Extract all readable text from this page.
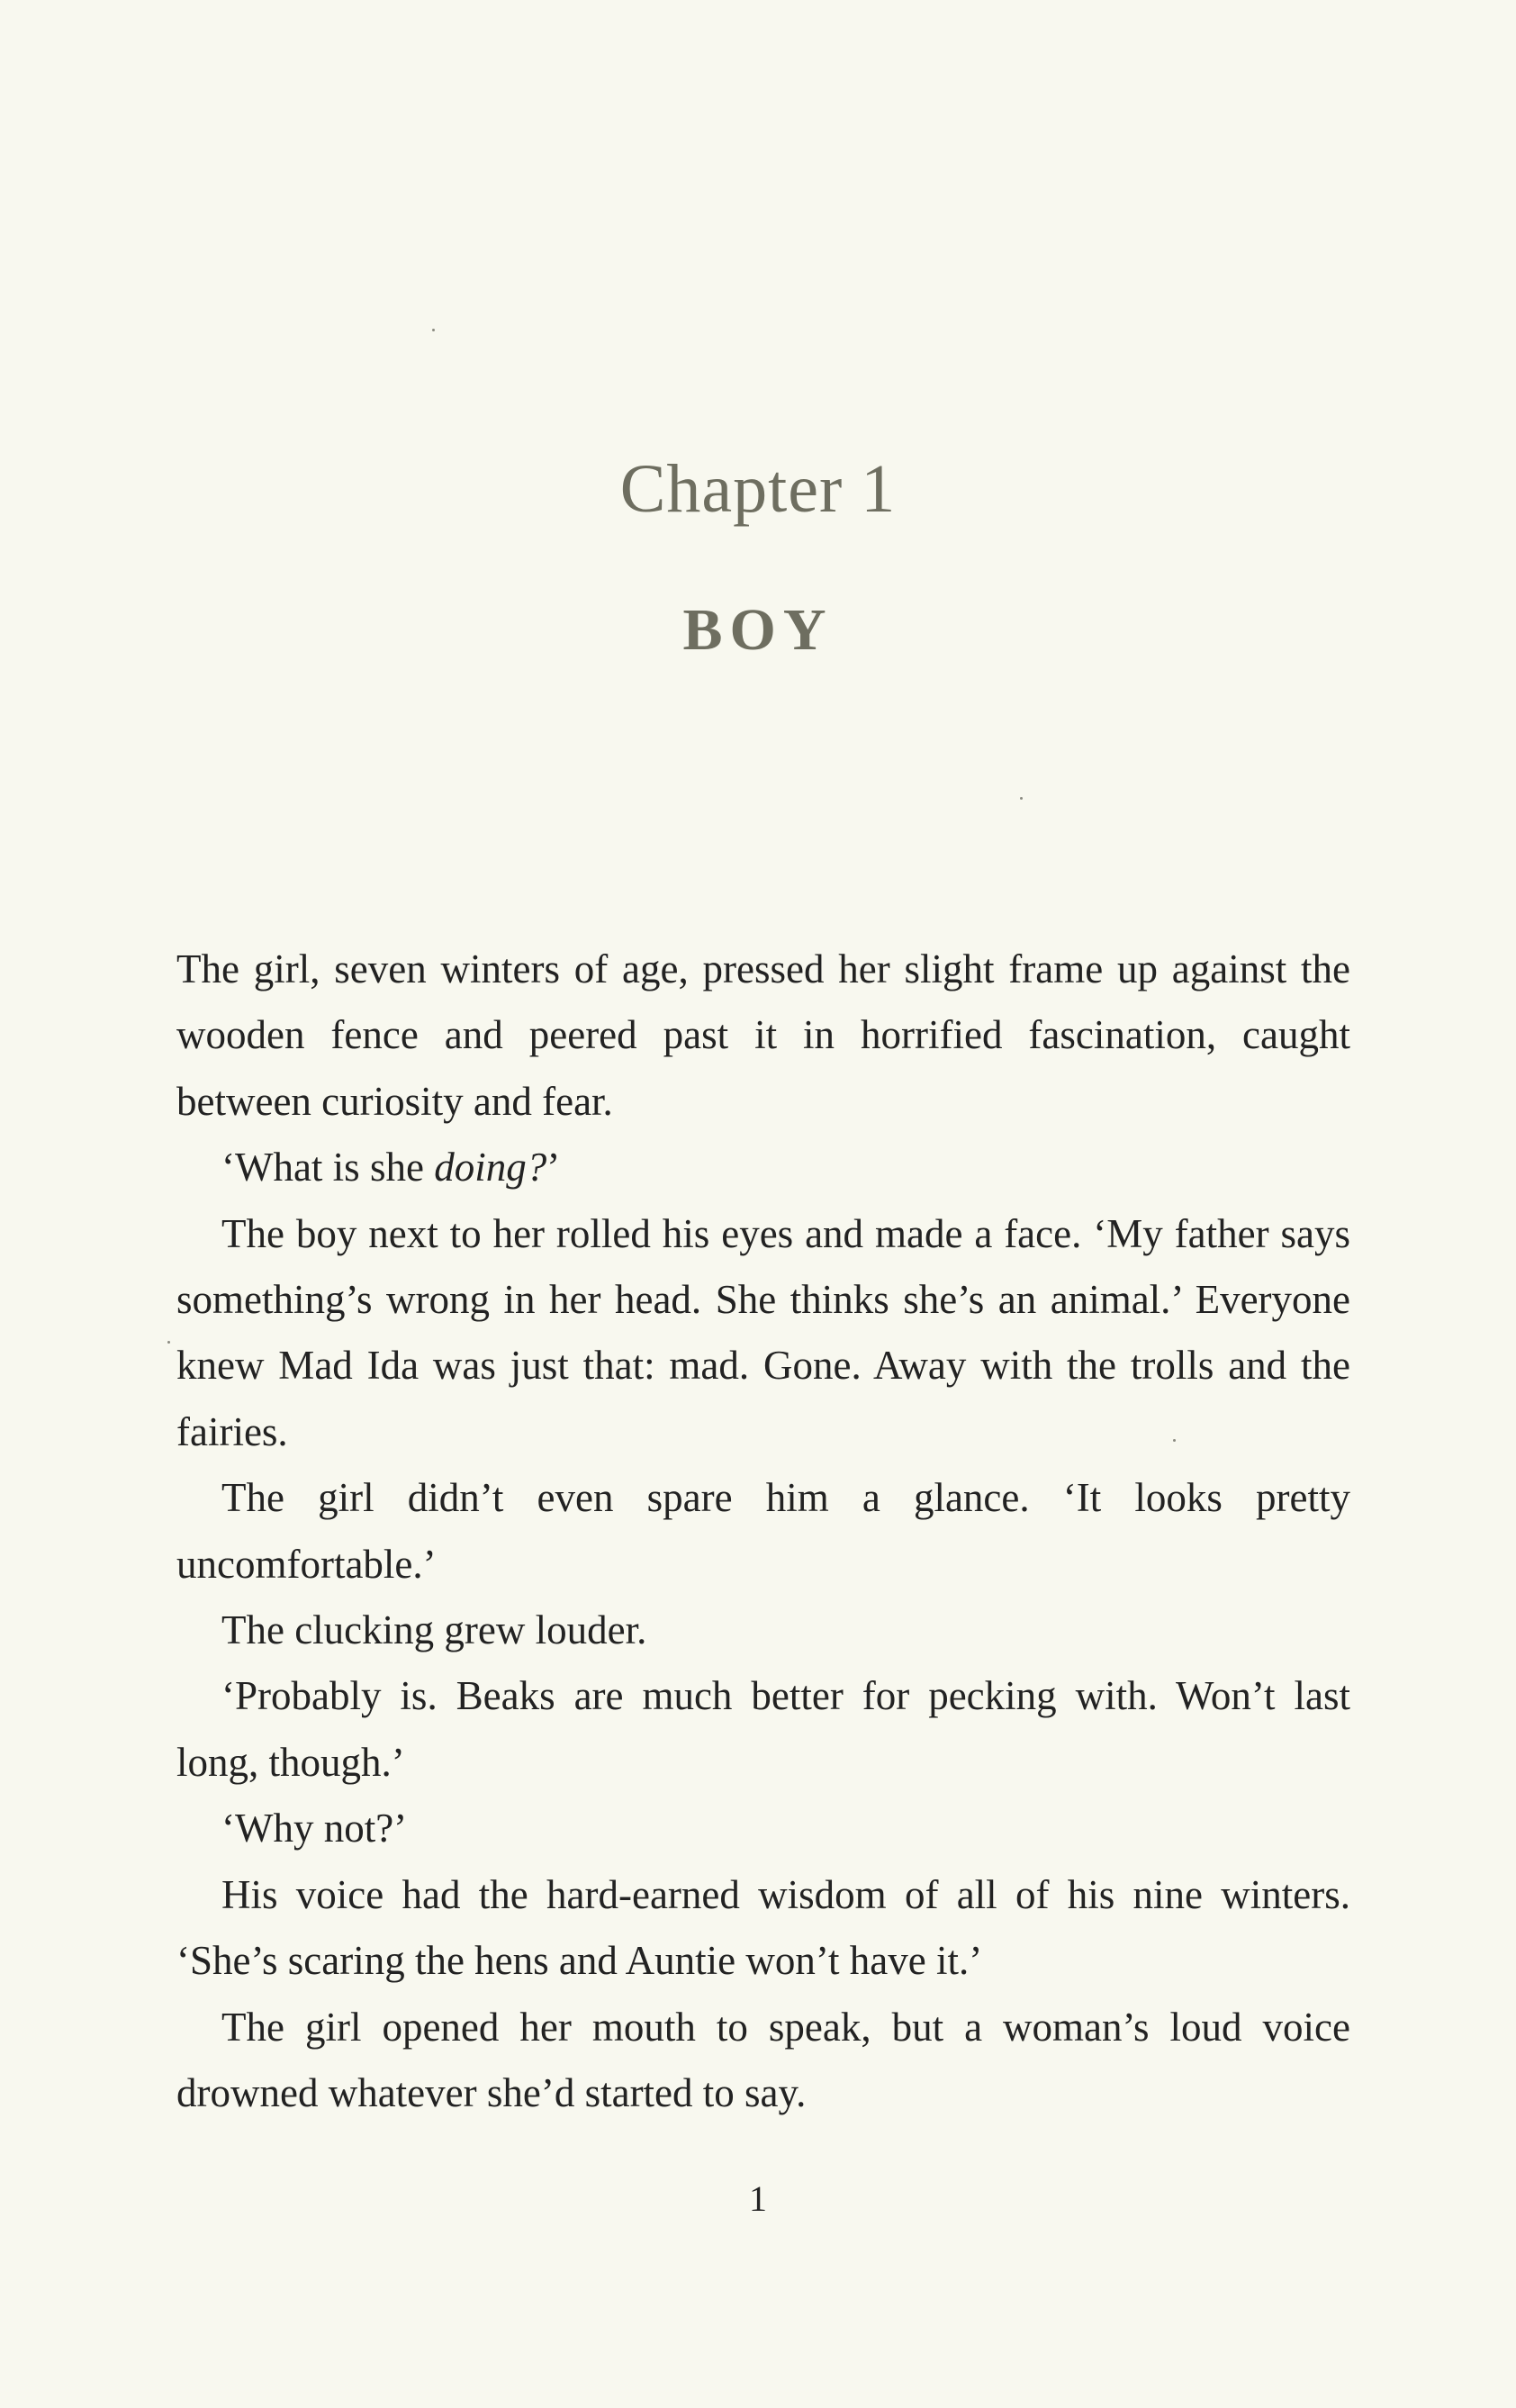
Chapter 1
BOY

The girl, seven winters of age, pressed her slight frame up against the wooden fence and peered past it in horrified fascination, caught between curiosity and fear.

‘What is she doing?’

The boy next to her rolled his eyes and made a face. ‘My father says something’s wrong in her head. She thinks she’s an animal.’ Everyone knew Mad Ida was just that: mad. Gone. Away with the trolls and the fairies.

The girl didn’t even spare him a glance. ‘It looks pretty uncomfortable.’

The clucking grew louder.

‘Probably is. Beaks are much better for pecking with. Won’t last long, though.’

‘Why not?’

His voice had the hard-earned wisdom of all of his nine winters. ‘She’s scaring the hens and Auntie won’t have it.’

The girl opened her mouth to speak, but a woman’s loud voice drowned whatever she’d started to say.

1
